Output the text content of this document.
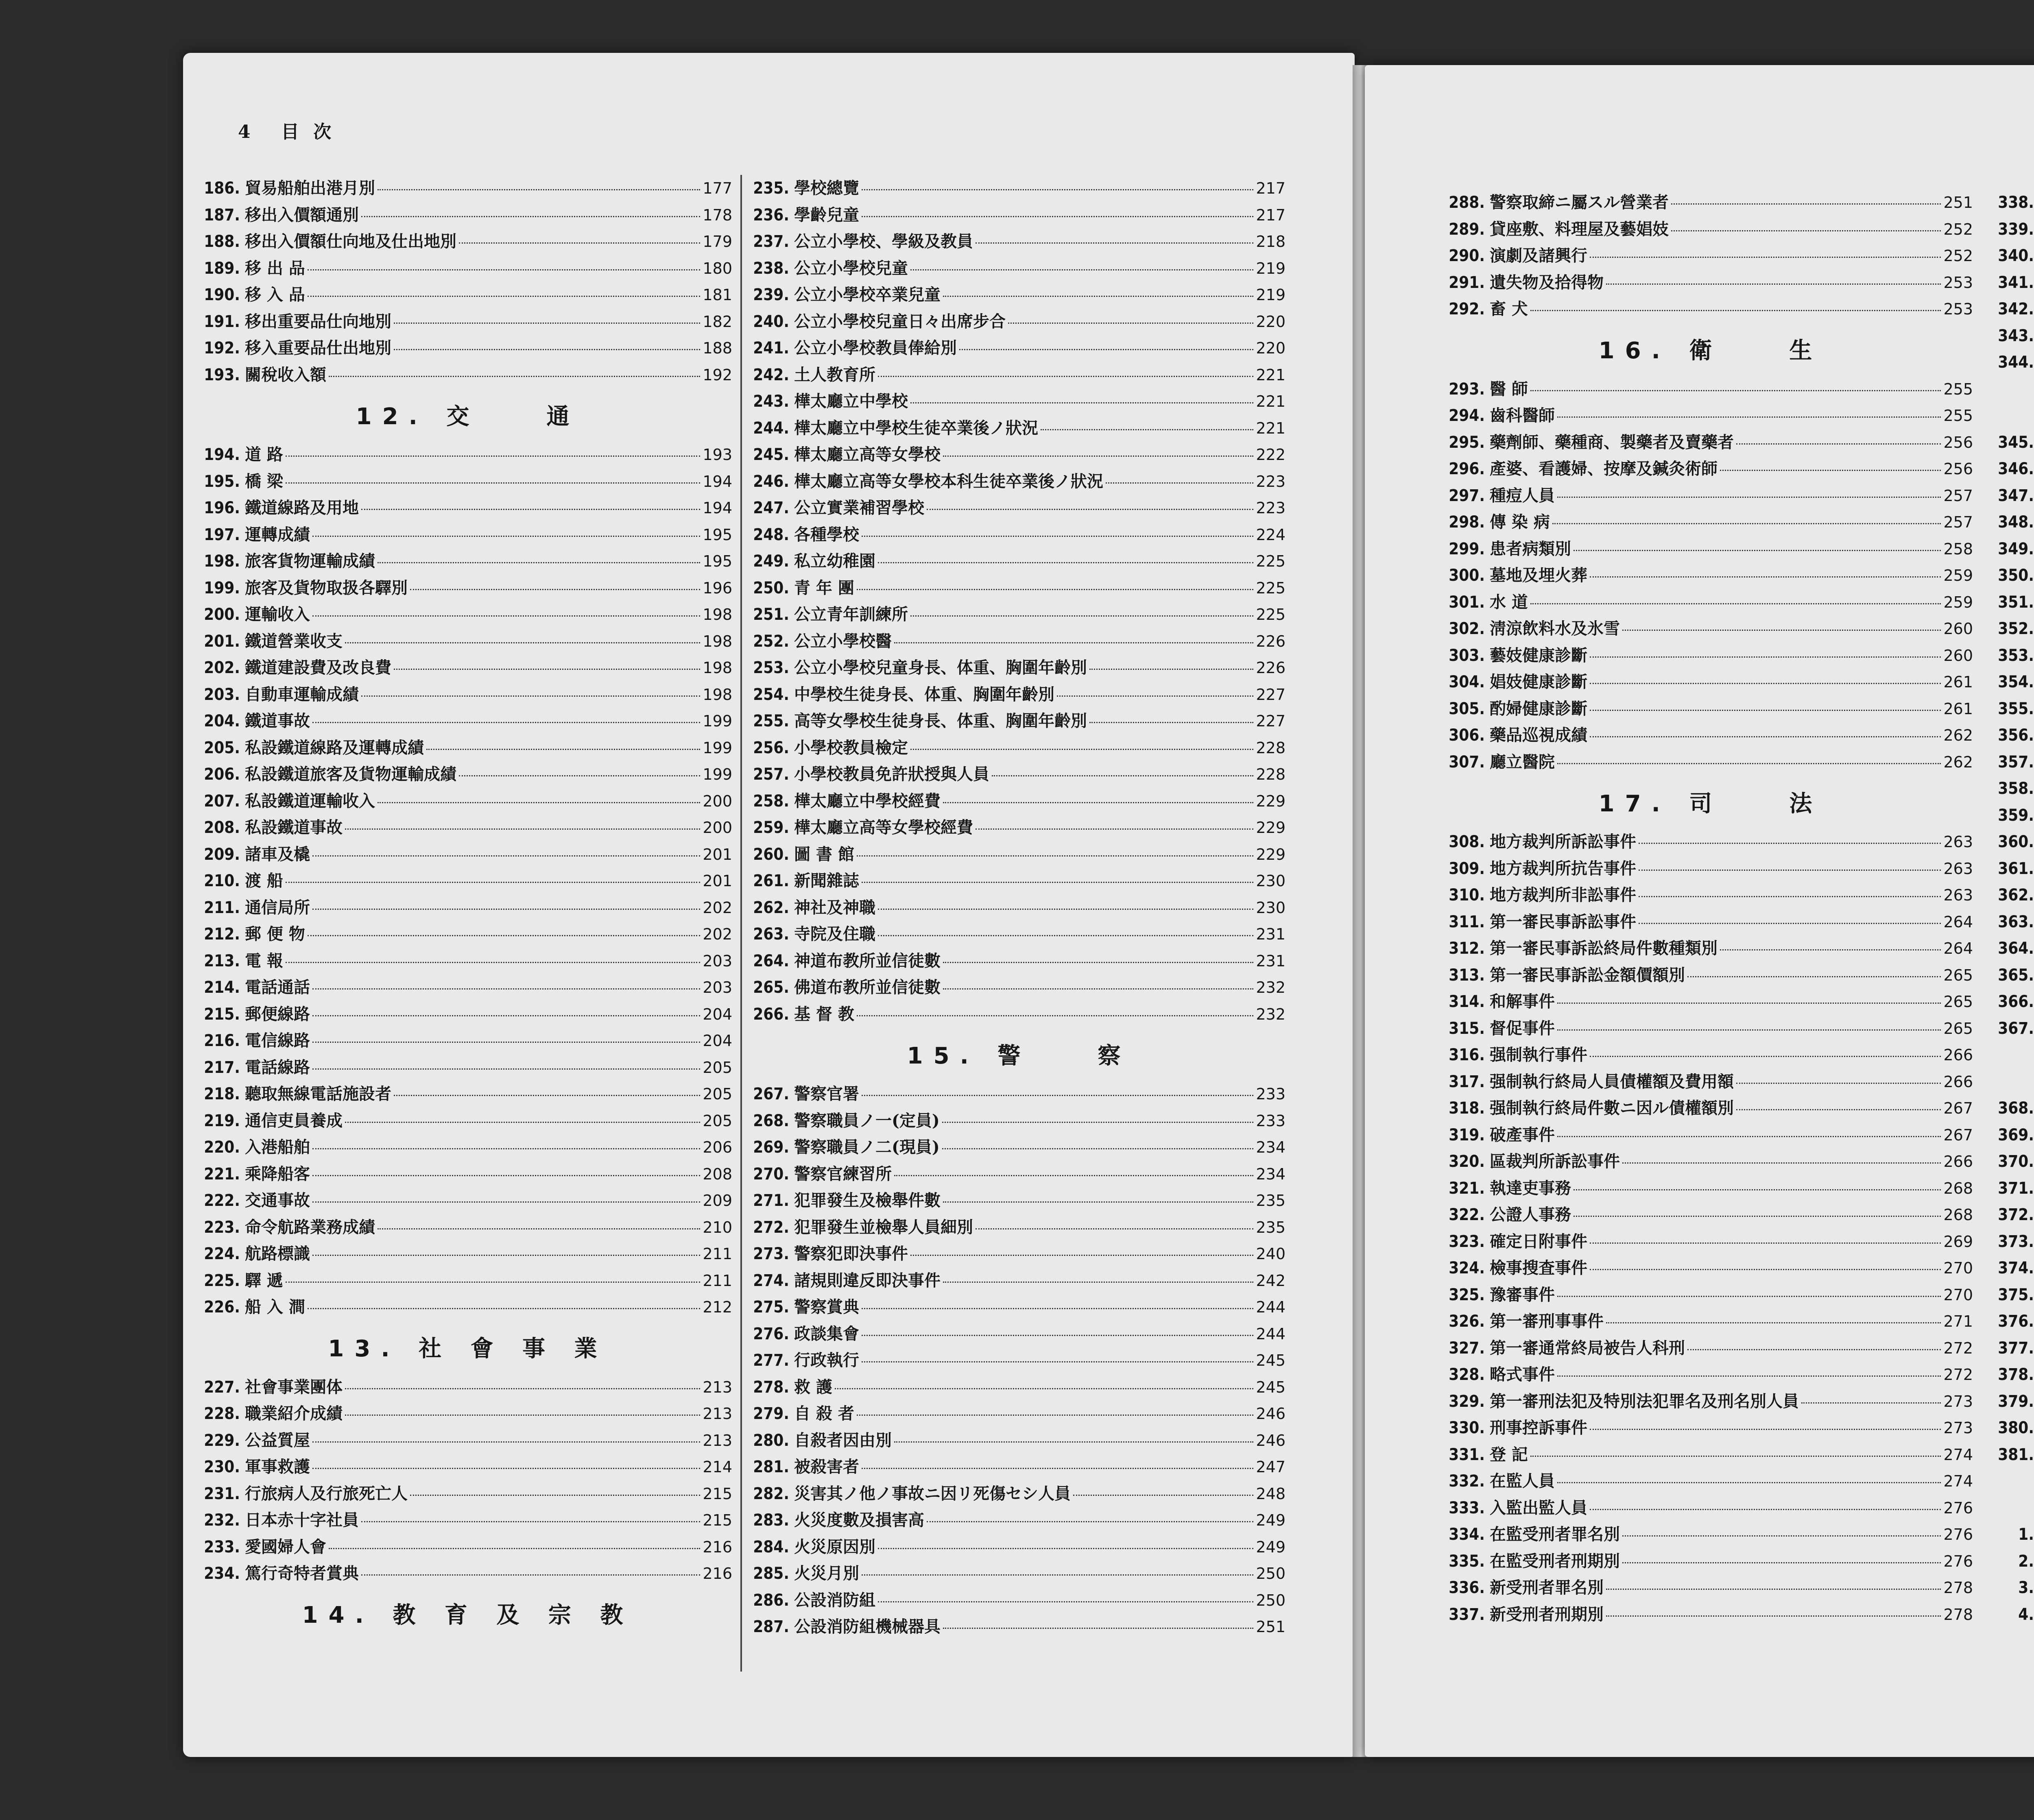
4 目 次
186. 貿易船舶出港月別	177
187. 移出入價額通別	178
188. 移出入價額仕向地及仕出地別	179
189. 移 出 品	180
190. 移 入 品	181
191. 移出重要品仕向地別	182
192. 移入重要品仕出地別	188
193. 關稅收入額	192
12. 交　　通
194. 道 路	193
195. 橋 梁	194
196. 鐵道線路及用地	194
197. 運轉成績	195
198. 旅客貨物運輸成績	195
199. 旅客及貨物取扱各驛別	196
200. 運輸收入	198
201. 鐵道營業收支	198
202. 鐵道建設費及改良費	198
203. 自動車運輸成績	198
204. 鐵道事故	199
205. 私設鐵道線路及運轉成績	199
206. 私設鐵道旅客及貨物運輸成績	199
207. 私設鐵道運輸收入	200
208. 私設鐵道事故	200
209. 諸車及橇	201
210. 渡 船	201
211. 通信局所	202
212. 郵 便 物	202
213. 電 報	203
214. 電話通話	203
215. 郵便線路	204
216. 電信線路	204
217. 電話線路	205
218. 聽取無線電話施設者	205
219. 通信吏員養成	205
220. 入港船舶	206
221. 乘降船客	208
222. 交通事故	209
223. 命令航路業務成績	210
224. 航路標識	211
225. 驛 遞	211
226. 船 入 澗	212
13. 社 會 事 業
227. 社會事業團体	213
228. 職業紹介成績	213
229. 公益質屋	213
230. 軍事救護	214
231. 行旅病人及行旅死亡人	215
232. 日本赤十字社員	215
233. 愛國婦人會	216
234. 篤行奇特者賞典	216
14. 教 育 及 宗 教
235. 學校總覽	217
236. 學齡兒童	217
237. 公立小學校、學級及教員	218
238. 公立小學校兒童	219
239. 公立小學校卒業兒童	219
240. 公立小學校兒童日々出席步合	220
241. 公立小學校教員俸給別	220
242. 土人教育所	221
243. 樺太廳立中學校	221
244. 樺太廳立中學校生徒卒業後ノ狀況	221
245. 樺太廳立高等女學校	222
246. 樺太廳立高等女學校本科生徒卒業後ノ狀況	223
247. 公立實業補習學校	223
248. 各種學校	224
249. 私立幼稚園	225
250. 青 年 團	225
251. 公立青年訓練所	225
252. 公立小學校醫	226
253. 公立小學校兒童身長、体重、胸圍年齡別	226
254. 中學校生徒身長、体重、胸圍年齡別	227
255. 高等女學校生徒身長、体重、胸圍年齡別	227
256. 小學校教員檢定	228
257. 小學校教員免許狀授與人員	228
258. 樺太廳立中學校經費	229
259. 樺太廳立高等女學校經費	229
260. 圖 書 館	229
261. 新聞雜誌	230
262. 神社及神職	230
263. 寺院及住職	231
264. 神道布教所並信徒數	231
265. 佛道布教所並信徒數	232
266. 基 督 教	232
15. 警　　察
267. 警察官署	233
268. 警察職員ノ一(定員)	233
269. 警察職員ノ二(現員)	234
270. 警察官練習所	234
271. 犯罪發生及檢舉件數	235
272. 犯罪發生並檢舉人員細別	235
273. 警察犯即決事件	240
274. 諸規則違反即決事件	242
275. 警察賞典	244
276. 政談集會	244
277. 行政執行	245
278. 救 護	245
279. 自 殺 者	246
280. 自殺者因由別	246
281. 被殺害者	247
282. 災害其ノ他ノ事故ニ因リ死傷セシ人員	248
283. 火災度數及損害高	249
284. 火災原因別	249
285. 火災月別	250
286. 公設消防組	250
287. 公設消防組機械器具	251
288. 警察取締ニ屬スル營業者	251
289. 貸座敷、料理屋及藝娼妓	252
290. 演劇及諸興行	252
291. 遺失物及拾得物	253
292. 畜 犬	253
16. 衛　　生
293. 醫 師	255
294. 齒科醫師	255
295. 藥劑師、藥種商、製藥者及賣藥者	256
296. 產婆、看護婦、按摩及鍼灸術師	256
297. 種痘人員	257
298. 傳 染 病	257
299. 患者病類別	258
300. 墓地及埋火葬	259
301. 水 道	259
302. 淸涼飲料水及氷雪	260
303. 藝妓健康診斷	260
304. 娼妓健康診斷	261
305. 酌婦健康診斷	261
306. 藥品巡視成績	262
307. 廳立醫院	262
17. 司　　法
308. 地方裁判所訴訟事件	263
309. 地方裁判所抗告事件	263
310. 地方裁判所非訟事件	263
311. 第一審民事訴訟事件	264
312. 第一審民事訴訟終局件數種類別	264
313. 第一審民事訴訟金額價額別	265
314. 和解事件	265
315. 督促事件	265
316. 强制執行事件	266
317. 强制執行終局人員債權額及費用額	266
318. 强制執行終局件數ニ因ル債權額別	267
319. 破產事件	267
320. 區裁判所訴訟事件	266
321. 執達吏事務	268
322. 公證人事務	268
323. 確定日附事件	269
324. 檢事搜査事件	270
325. 豫審事件	270
326. 第一審刑事事件	271
327. 第一審通常終局被告人科刑	272
328. 略式事件	272
329. 第一審刑法犯及特別法犯罪名及刑名別人員	273
330. 刑事控訴事件	273
331. 登 記	274
332. 在監人員	274
333. 入監出監人員	276
334. 在監受刑者罪名別	276
335. 在監受刑者刑期別	276
336. 新受刑者罪名別	278
337. 新受刑者刑期別	278
338.
339.
340.
341.
342.
343.
344.
345.
346.
347.
348.
349.
350.
351.
352.
353.
354.
355.
356.
357.
358.
359.
360.
361.
362.
363.
364.
365.
366.
367.
368.
369.
370.
371.
372.
373.
374.
375.
376.
377.
378.
379.
380.
381.
1.
2.
3.
4.
